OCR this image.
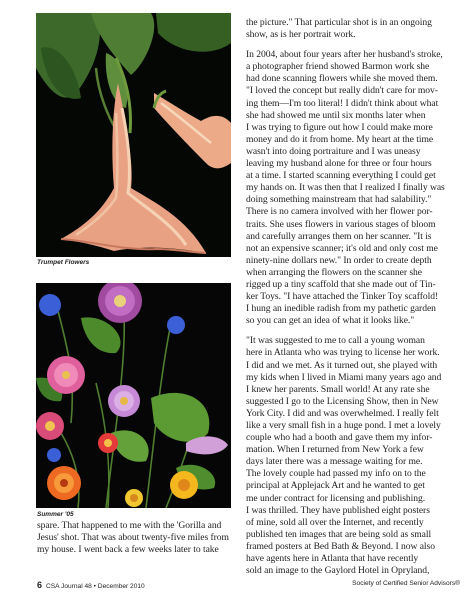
Trumpet Flowers
Summer '05

the picture." That particular shot is in an ongoing
show, as is her portrait work.

In 2004, about four years after her husband's stroke,
a photographer friend showed Barmon work she
had done scanning flowers while she moved them.
"I loved the concept but really didn't care for mov-
ing them—I'm too literal! I didn't think about what
she had showed me until six months later when
I was trying to figure out how I could make more
money and do it from home. My heart at the time
wasn't into doing portraiture and I was uneasy
leaving my husband alone for three or four hours
at a time. I started scanning everything I could get
my hands on. It was then that I realized I finally was
doing something mainstream that had salability."
There is no camera involved with her flower por-
traits. She uses flowers in various stages of bloom
and carefully arranges them on her scanner. "It is
not an expensive scanner; it's old and only cost me
ninety-nine dollars new." In order to create depth
when arranging the flowers on the scanner she
rigged up a tiny scaffold that she made out of Tin-
ker Toys. "I have attached the Tinker Toy scaffold!
I hung an inedible radish from my pathetic garden
so you can get an idea of what it looks like."

"It was suggested to me to call a young woman
here in Atlanta who was trying to license her work.
I did and we met. As it turned out, she played with
my kids when I lived in Miami many years ago and
I knew her parents. Small world! At any rate she
suggested I go to the Licensing Show, then in New
York City. I did and was overwhelmed. I really felt
like a very small fish in a huge pond. I met a lovely
couple who had a booth and gave them my infor-
mation. When I returned from New York a few
days later there was a message waiting for me.
The lovely couple had passed my info on to the
principal at Applejack Art and he wanted to get
me under contract for licensing and publishing.
I was thrilled. They have published eight posters
of mine, sold all over the Internet, and recently
published ten images that are being sold as small
framed posters at Bed Bath & Beyond. I now also
have agents here in Atlanta that have recently
sold an image to the Gaylord Hotel in Opryland,

spare. That happened to me with the 'Gorilla and
Jesus' shot. That was about twenty-five miles from
my house. I went back a few weeks later to take

6 CSA Journal 48 • December 2010	Society of Certified Senior Advisors®
